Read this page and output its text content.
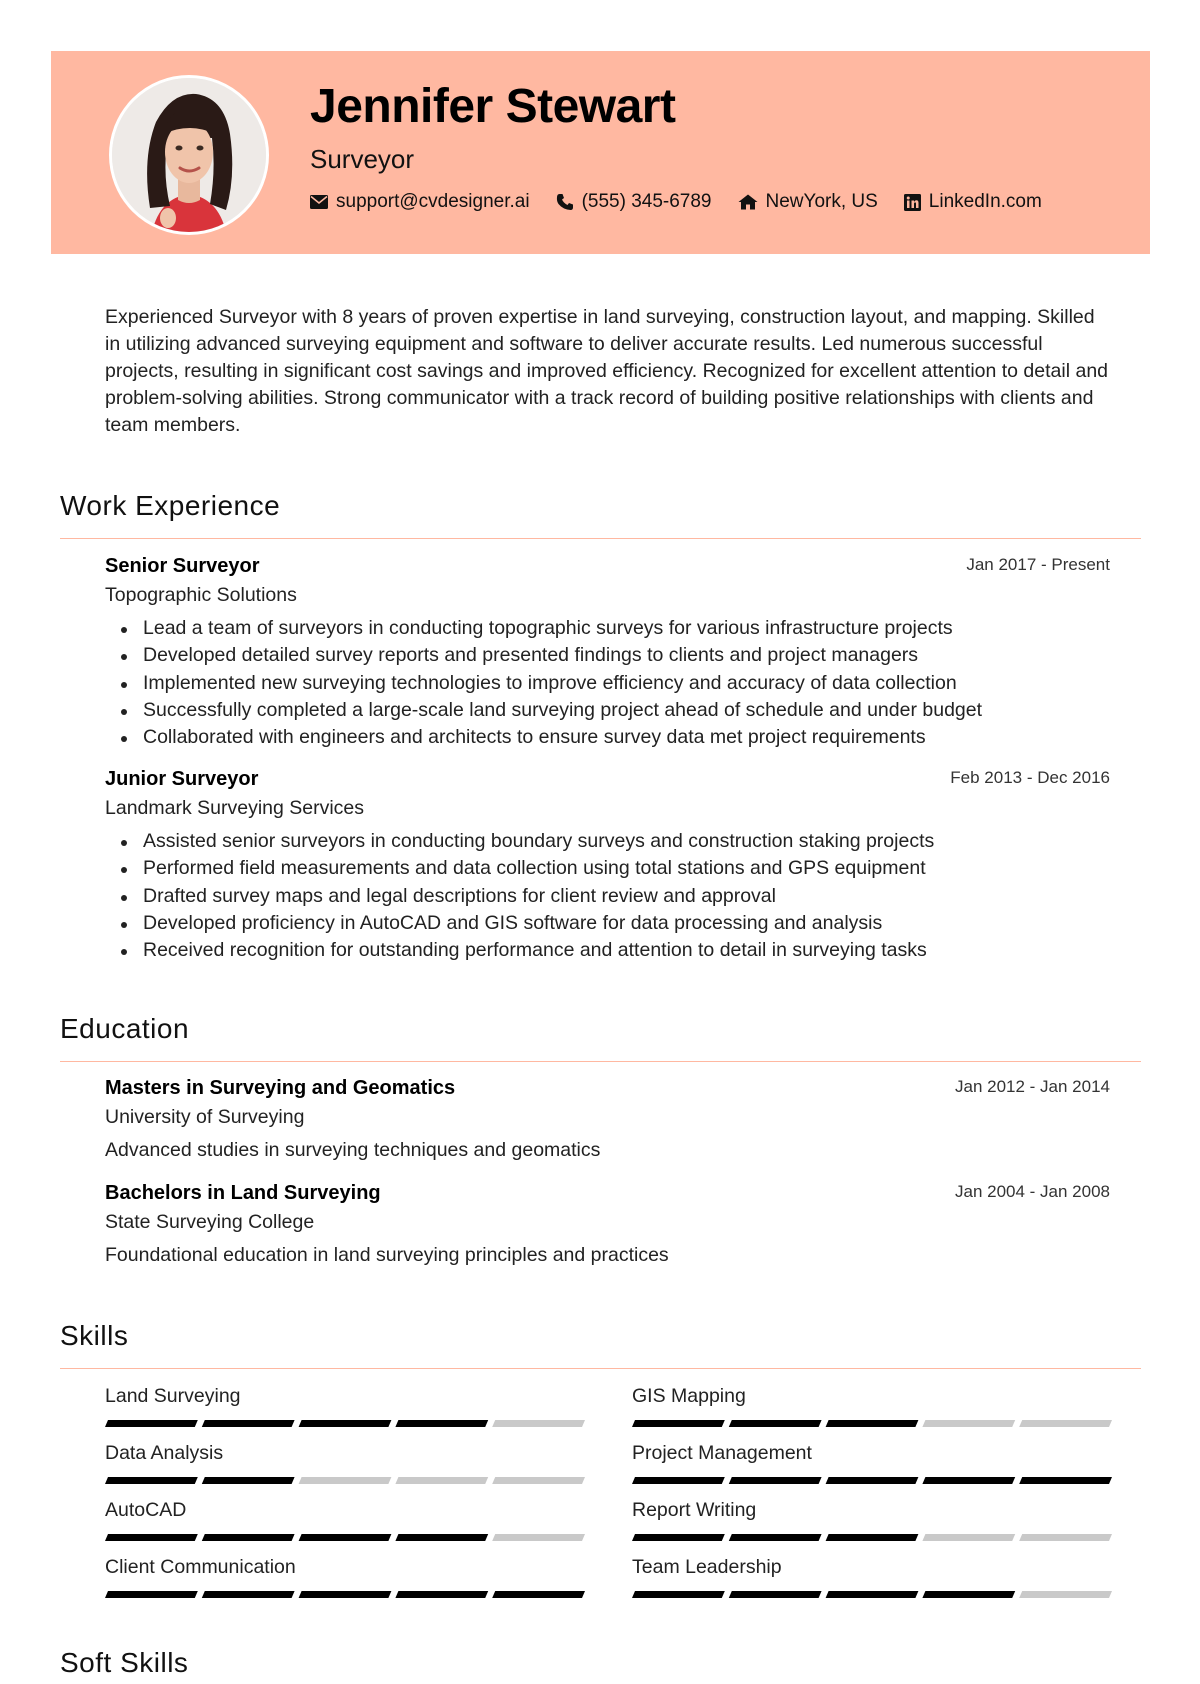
Jennifer Stewart
Surveyor
support@cvdesigner.ai	(555) 345-6789	NewYork, US	LinkedIn.com

Experienced Surveyor with 8 years of proven expertise in land surveying, construction layout, and mapping. Skilled in utilizing advanced surveying equipment and software to deliver accurate results. Led numerous successful projects, resulting in significant cost savings and improved efficiency. Recognized for excellent attention to detail and problem-solving abilities. Strong communicator with a track record of building positive relationships with clients and team members.

Work Experience
Senior Surveyor	Jan 2017 - Present
Topographic Solutions
Lead a team of surveyors in conducting topographic surveys for various infrastructure projects
Developed detailed survey reports and presented findings to clients and project managers
Implemented new surveying technologies to improve efficiency and accuracy of data collection
Successfully completed a large-scale land surveying project ahead of schedule and under budget
Collaborated with engineers and architects to ensure survey data met project requirements
Junior Surveyor	Feb 2013 - Dec 2016
Landmark Surveying Services
Assisted senior surveyors in conducting boundary surveys and construction staking projects
Performed field measurements and data collection using total stations and GPS equipment
Drafted survey maps and legal descriptions for client review and approval
Developed proficiency in AutoCAD and GIS software for data processing and analysis
Received recognition for outstanding performance and attention to detail in surveying tasks
Education
Masters in Surveying and Geomatics	Jan 2012 - Jan 2014
University of Surveying
Advanced studies in surveying techniques and geomatics
Bachelors in Land Surveying	Jan 2004 - Jan 2008
State Surveying College
Foundational education in land surveying principles and practices
Skills
Land Surveying	GIS Mapping
Data Analysis	Project Management
AutoCAD	Report Writing
Client Communication	Team Leadership
Soft Skills
